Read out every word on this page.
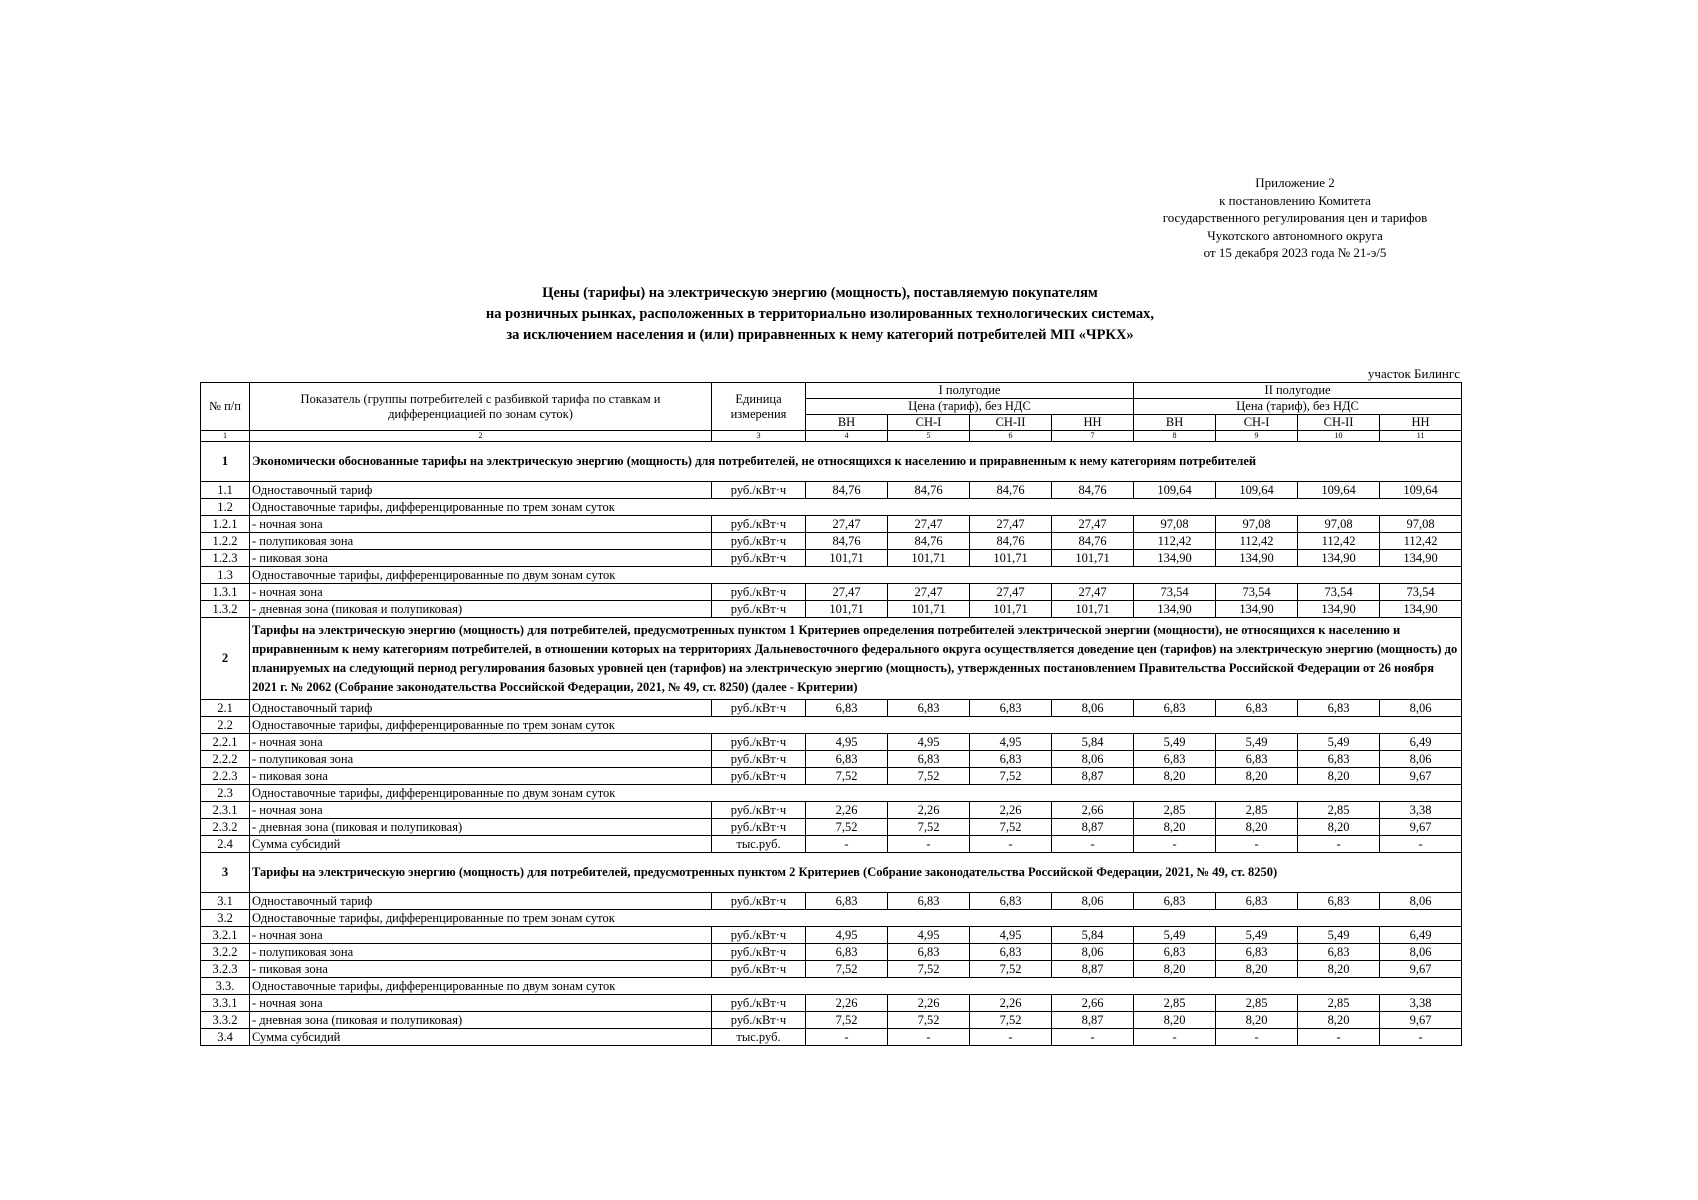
Приложение 2
к постановлению Комитета
государственного регулирования цен и тарифов
Чукотского автономного округа
от 15 декабря 2023 года № 21-э/5
Цены (тарифы) на электрическую энергию (мощность), поставляемую покупателям
на розничных рынках, расположенных в территориально изолированных технологических системах,
за исключением населения и (или) приравненных к нему категорий потребителей МП «ЧРКХ»
участок Билингс
№ п/п	Показатель (группы потребителей с разбивкой тарифа по ставкам и дифференциацией по зонам суток)	Единица измерения	I полугодие				II полугодие			
			Цена (тариф), без НДС				Цена (тариф), без НДС			
			ВН	СН-I	СН-II	НН	ВН	СН-I	СН-II	НН
1	2	3	4	5	6	7	8	9	10	11
1	Экономически обоснованные тарифы на электрическую энергию (мощность) для потребителей, не относящихся к населению и приравненным к нему категориям потребителей									
1.1	Одноставочный тариф	руб./кВт·ч	84,76	84,76	84,76	84,76	109,64	109,64	109,64	109,64
1.2	Одноставочные тарифы, дифференцированные по трем зонам суток									
1.2.1	- ночная зона	руб./кВт·ч	27,47	27,47	27,47	27,47	97,08	97,08	97,08	97,08
1.2.2	- полупиковая зона	руб./кВт·ч	84,76	84,76	84,76	84,76	112,42	112,42	112,42	112,42
1.2.3	- пиковая зона	руб./кВт·ч	101,71	101,71	101,71	101,71	134,90	134,90	134,90	134,90
1.3	Одноставочные тарифы, дифференцированные по двум зонам суток									
1.3.1	- ночная зона	руб./кВт·ч	27,47	27,47	27,47	27,47	73,54	73,54	73,54	73,54
1.3.2	- дневная зона (пиковая и полупиковая)	руб./кВт·ч	101,71	101,71	101,71	101,71	134,90	134,90	134,90	134,90
2	Тарифы на электрическую энергию (мощность) для потребителей, предусмотренных пунктом 1 Критериев определения потребителей электрической энергии (мощности), не относящихся к населению и приравненным к нему категориям потребителей, в отношении которых на территориях Дальневосточного федерального округа осуществляется доведение цен (тарифов) на электрическую энергию (мощность) до планируемых на следующий период регулирования базовых уровней цен (тарифов) на электрическую энергию (мощность), утвержденных постановлением Правительства Российской Федерации от 26 ноября 2021 г. № 2062 (Собрание законодательства Российской Федерации, 2021, № 49, ст. 8250) (далее - Критерии)									
2.1	Одноставочный тариф	руб./кВт·ч	6,83	6,83	6,83	8,06	6,83	6,83	6,83	8,06
2.2	Одноставочные тарифы, дифференцированные по трем зонам суток									
2.2.1	- ночная зона	руб./кВт·ч	4,95	4,95	4,95	5,84	5,49	5,49	5,49	6,49
2.2.2	- полупиковая зона	руб./кВт·ч	6,83	6,83	6,83	8,06	6,83	6,83	6,83	8,06
2.2.3	- пиковая зона	руб./кВт·ч	7,52	7,52	7,52	8,87	8,20	8,20	8,20	9,67
2.3	Одноставочные тарифы, дифференцированные по двум зонам суток									
2.3.1	- ночная зона	руб./кВт·ч	2,26	2,26	2,26	2,66	2,85	2,85	2,85	3,38
2.3.2	- дневная зона (пиковая и полупиковая)	руб./кВт·ч	7,52	7,52	7,52	8,87	8,20	8,20	8,20	9,67
2.4	Сумма субсидий	тыс.руб.	-	-	-	-	-	-	-	-
3	Тарифы на электрическую энергию (мощность) для потребителей, предусмотренных пунктом 2 Критериев (Собрание законодательства Российской Федерации, 2021, № 49, ст. 8250)									
3.1	Одноставочный тариф	руб./кВт·ч	6,83	6,83	6,83	8,06	6,83	6,83	6,83	8,06
3.2	Одноставочные тарифы, дифференцированные по трем зонам суток									
3.2.1	- ночная зона	руб./кВт·ч	4,95	4,95	4,95	5,84	5,49	5,49	5,49	6,49
3.2.2	- полупиковая зона	руб./кВт·ч	6,83	6,83	6,83	8,06	6,83	6,83	6,83	8,06
3.2.3	- пиковая зона	руб./кВт·ч	7,52	7,52	7,52	8,87	8,20	8,20	8,20	9,67
3.3.	Одноставочные тарифы, дифференцированные по двум зонам суток									
3.3.1	- ночная зона	руб./кВт·ч	2,26	2,26	2,26	2,66	2,85	2,85	2,85	3,38
3.3.2	- дневная зона (пиковая и полупиковая)	руб./кВт·ч	7,52	7,52	7,52	8,87	8,20	8,20	8,20	9,67
3.4	Сумма субсидий	тыс.руб.	-	-	-	-	-	-	-	-
